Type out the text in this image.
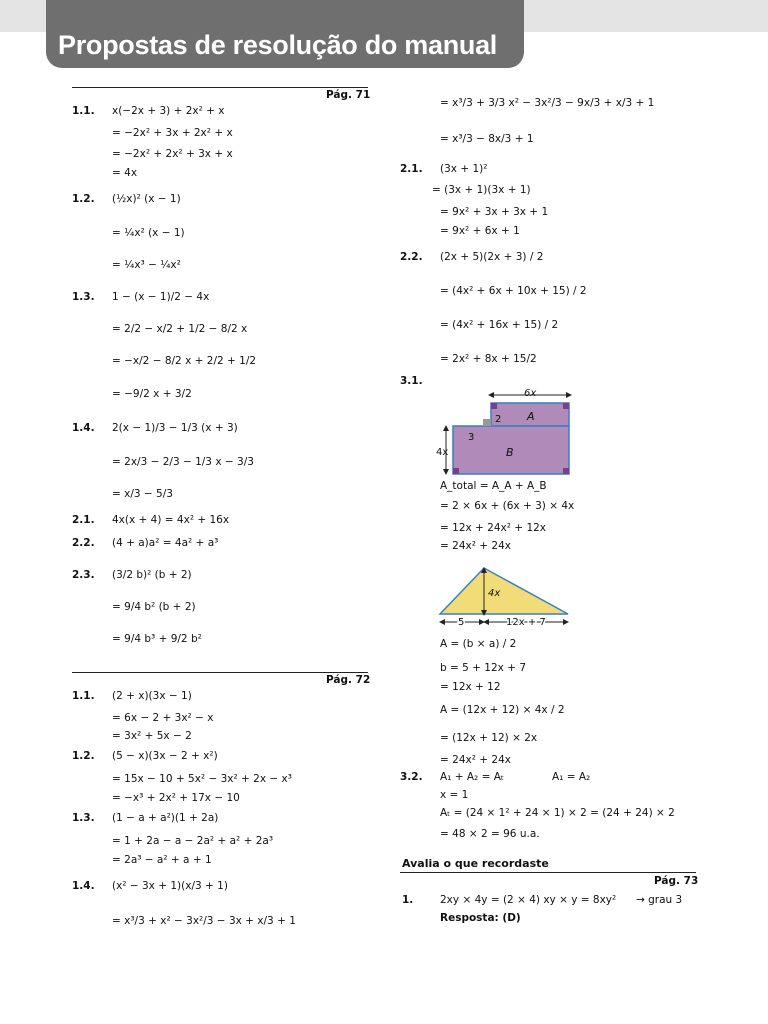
Propostas de resolução do manual
Pág. 71
1.1. x(−2x + 3) + 2x² + x
= −2x² + 3x + 2x² + x
= −2x² + 2x² + 3x + x
= 4x
1.2. (½x)² (x − 1)
= ¼x² (x − 1)
= ¼x³ − ¼x²
1.3. 1 − (x − 1)/2 − 4x
= 2/2 − x/2 + 1/2 − 8/2 x
= −x/2 − 8/2 x + 2/2 + 1/2
= −9/2 x + 3/2
1.4. 2(x − 1)/3 − 1/3 (x + 3)
= 2x/3 − 2/3 − 1/3 x − 3/3
= x/3 − 5/3
2.1. 4x(x + 4) = 4x² + 16x
2.2. (4 + a)a² = 4a² + a³
2.3. (3/2 b)² (b + 2)
= 9/4 b² (b + 2)
= 9/4 b³ + 9/2 b²
Pág. 72
1.1. (2 + x)(3x − 1)
= 6x − 2 + 3x² − x
= 3x² + 5x − 2
1.2. (5 − x)(3x − 2 + x²)
= 15x − 10 + 5x² − 3x² + 2x − x³
= −x³ + 2x² + 17x − 10
1.3. (1 − a + a²)(1 + 2a)
= 1 + 2a − a − 2a² + a² + 2a³
= 2a³ − a² + a + 1
1.4. (x² − 3x + 1)(x/3 + 1)
= x³/3 + x² − 3x²/3 − 3x + x/3 + 1
= x³/3 + 3/3 x² − 3x²/3 − 9x/3 + x/3 + 1
= x³/3 − 8x/3 + 1
2.1. (3x + 1)²
= (3x + 1)(3x + 1)
= 9x² + 3x + 3x + 1
= 9x² + 6x + 1
2.2. (2x + 5)(2x + 3) / 2
= (4x² + 6x + 10x + 15) / 2
= (4x² + 16x + 15) / 2
= 2x² + 8x + 15/2
3.1.
6x
A
B
2
3
4x
A_total = A_A + A_B
= 2 × 6x + (6x + 3) × 4x
= 12x + 24x² + 12x
= 24x² + 24x
4x
5	12x + 7
A = (b × a) / 2
b = 5 + 12x + 7
= 12x + 12
A = (12x + 12) × 4x / 2
= (12x + 12) × 2x
= 24x² + 24x
3.2. A₁ + A₂ = Aₜ	A₁ = A₂
x = 1
Aₜ = (24 × 1² + 24 × 1) × 2 = (24 + 24) × 2
= 48 × 2 = 96 u.a.
Avalia o que recordaste
Pág. 73
1.	2xy × 4y = (2 × 4) xy × y = 8xy² → grau 3
Resposta: (D)
